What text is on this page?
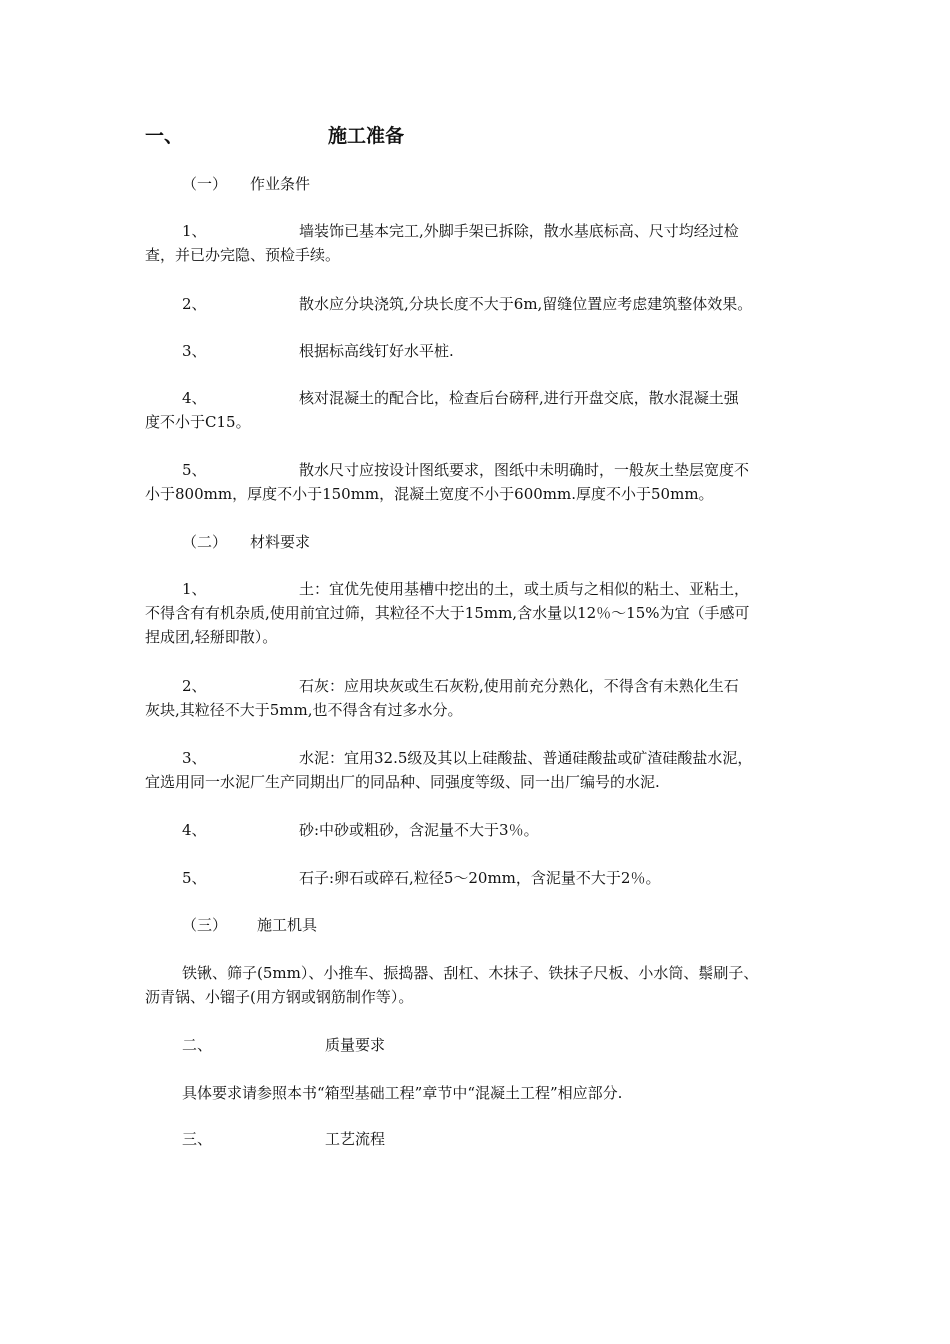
一、	施工准备
（一） 作业条件
1、	墙装饰已基本完工,外脚手架已拆除，散水基底标高、尺寸均经过检
查，并已办完隐、预检手续。
2、	散水应分块浇筑,分块长度不大于6m,留缝位置应考虑建筑整体效果。
3、	根据标高线钉好水平桩.
4、	核对混凝土的配合比，检查后台磅秤,进行开盘交底，散水混凝土强
度不小于C15。
5、	散水尺寸应按设计图纸要求，图纸中未明确时，一般灰土垫层宽度不
小于800mm，厚度不小于150mm，混凝土宽度不小于600mm.厚度不小于50mm。
（二） 材料要求
1、	土：宜优先使用基槽中挖出的土，或土质与之相似的粘土、亚粘土，
不得含有有机杂质,使用前宜过筛，其粒径不大于15mm,含水量以12％～15%为宜（手感可
捏成团,轻掰即散）。
2、	石灰：应用块灰或生石灰粉,使用前充分熟化，不得含有未熟化生石
灰块,其粒径不大于5mm,也不得含有过多水分。
3、	水泥：宜用32.5级及其以上硅酸盐、普通硅酸盐或矿渣硅酸盐水泥，
宜选用同一水泥厂生产同期出厂的同品种、同强度等级、同一出厂编号的水泥.
4、	砂:中砂或粗砂，含泥量不大于3％。
5、	石子:卵石或碎石,粒径5～20mm，含泥量不大于2％。
（三） 施工机具
铁锹、筛子(5mm）、小推车、振捣器、刮杠、木抹子、铁抹子尺板、小水筒、鬃刷子、
沥青锅、小镏子(用方钢或钢筋制作等）。
二、	质量要求
具体要求请参照本书“箱型基础工程”章节中“混凝土工程”相应部分.
三、	工艺流程
